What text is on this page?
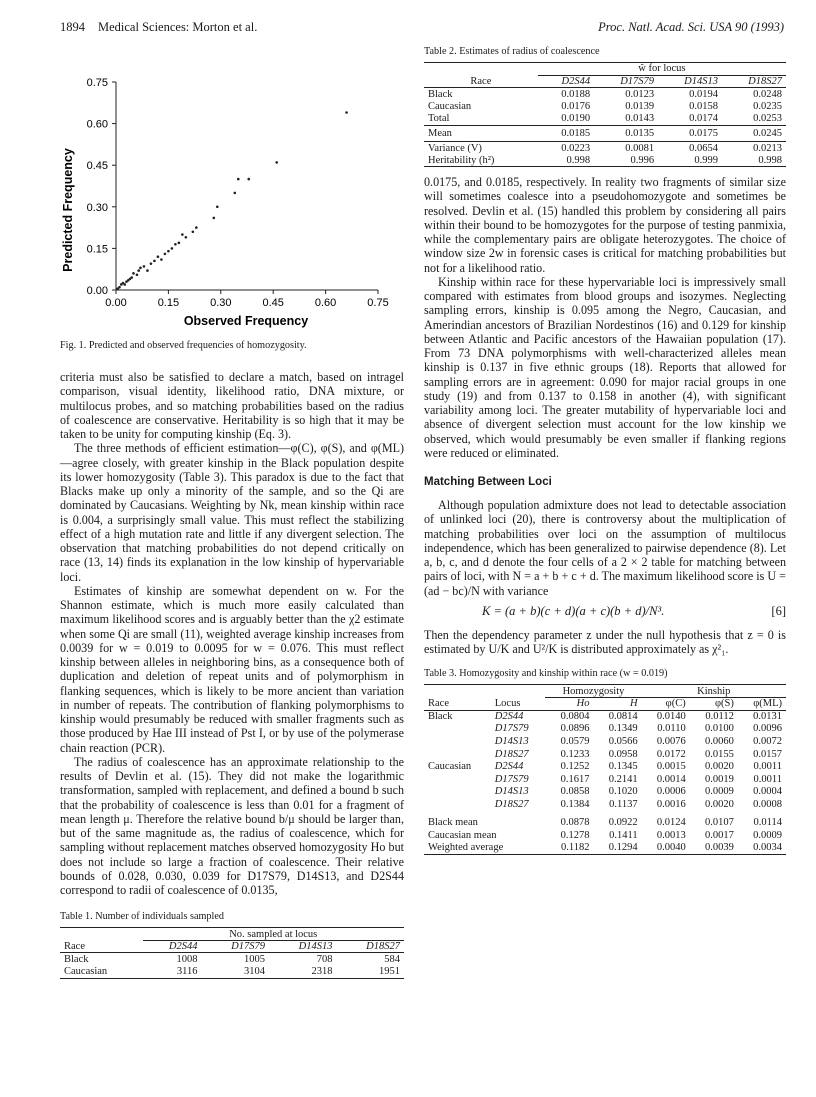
1894 Medical Sciences: Morton et al.	Proc. Natl. Acad. Sci. USA 90 (1993)
0.00	0.15	0.30	0.45	0.60	0.75
0.00
0.15
0.30
0.45
0.60
0.75
Predicted Frequency
Observed Frequency
Fig. 1. Predicted and observed frequencies of homozygosity.

criteria must also be satisfied to declare a match, based on intragel comparison, visual identity, likelihood ratio, DNA mixture, or multilocus probes, and so matching probabilities based on the radius of coalescence are conservative. Heritability is so high that it may be taken to be unity for computing kinship (Eq. 3).

The three methods of efficient estimation—φ(C), φ(S), and φ(ML)—agree closely, with greater kinship in the Black population despite its lower homozygosity (Table 3). This paradox is due to the fact that Blacks make up only a minority of the sample, and so the Qi are dominated by Caucasians. Weighting by Nk, mean kinship within race is 0.004, a surprisingly small value. This must reflect the stabilizing effect of a high mutation rate and little if any divergent selection. The observation that matching probabilities do not depend critically on race (13, 14) finds its explanation in the low kinship of hypervariable loci.

Estimates of kinship are somewhat dependent on w. For the Shannon estimate, which is much more easily calculated than maximum likelihood scores and is arguably better than the χ2 estimate when some Qi are small (11), weighted average kinship increases from 0.0039 for w = 0.019 to 0.0095 for w = 0.076. This must reflect kinship between alleles in neighboring bins, as a consequence both of duplication and deletion of repeat units and of polymorphism in flanking sequences, which is likely to be more ancient than variation in number of repeats. The contribution of flanking polymorphisms to kinship would presumably be reduced with smaller fragments such as those produced by Hae III instead of Pst I, or by use of the polymerase chain reaction (PCR).

The radius of coalescence has an approximate relationship to the results of Devlin et al. (15). They did not make the logarithmic transformation, sampled with replacement, and defined a bound b such that the probability of coalescence is less than 0.01 for a fragment of mean length μ. Therefore the relative bound b/μ should be larger than, but of the same magnitude as, the radius of coalescence, which for sampling without replacement matches observed homozygosity Ho but does not include so large a fraction of coalescence. Their relative bounds of 0.028, 0.030, 0.039 for D17S79, D14S13, and D2S44 correspond to radii of coalescence of 0.0135,

Table 1. Number of individuals sampled
	No. sampled at locus			
Race	D2S44	D17S79	D14S13	D18S27
Black	1008	1005	708	584
Caucasian	3116	3104	2318	1951
Table 2. Estimates of radius of coalescence
	ŵ for locus			
Race	D2S44	D17S79	D14S13	D18S27
Black	0.0188	0.0123	0.0194	0.0248
Caucasian	0.0176	0.0139	0.0158	0.0235
Total	0.0190	0.0143	0.0174	0.0253
Mean	0.0185	0.0135	0.0175	0.0245
Variance (V)	0.0223	0.0081	0.0654	0.0213
Heritability (h²)	0.998	0.996	0.999	0.998

0.0175, and 0.0185, respectively. In reality two fragments of similar size will sometimes coalesce into a pseudohomozygote and sometimes be resolved. Devlin et al. (15) handled this problem by considering all pairs within their bound to be homozygotes for the purpose of testing panmixia, while the complementary pairs are obligate heterozygotes. The choice of window size 2w in forensic cases is critical for matching probabilities but not for a likelihood ratio.

Kinship within race for these hypervariable loci is impressively small compared with estimates from blood groups and isozymes. Neglecting sampling errors, kinship is 0.095 among the Negro, Caucasian, and Amerindian ancestors of Brazilian Nordestinos (16) and 0.129 for kinship between Atlantic and Pacific ancestors of the Hawaiian population (17). From 73 DNA polymorphisms with well-characterized alleles mean kinship is 0.137 in five ethnic groups (18). Reports that allowed for sampling errors are in agreement: 0.090 for major racial groups in one study (19) and from 0.137 to 0.158 in another (4), with significant variability among loci. The greater mutability of hypervariable loci and absence of divergent selection must account for the low kinship we observed, which would presumably be even smaller if flanking regions were reduced or eliminated.

Matching Between Loci

Although population admixture does not lead to detectable association of unlinked loci (20), there is controversy about the multiplication of matching probabilities over loci on the assumption of multilocus independence, which has been generalized to pairwise dependence (8). Let a, b, c, and d denote the four cells of a 2 × 2 table for matching between pairs of loci, with N = a + b + c + d. The maximum likelihood score is U = (ad − bc)/N with variance

K = (a + b)(c + d)(a + c)(b + d)/N³.	[6]

Then the dependency parameter z under the null hypothesis that z = 0 is estimated by U/K and U²/K is distributed approximately as χ²₁.

Table 3. Homozygosity and kinship within race (w = 0.019)
		Homozygosity		Kinship		
Race	Locus	Ho	H	φ(C)	φ(S)	φ(ML)
Black	D2S44	0.0804	0.0814	0.0140	0.0112	0.0131
	D17S79	0.0896	0.1349	0.0110	0.0100	0.0096
	D14S13	0.0579	0.0566	0.0076	0.0060	0.0072
	D18S27	0.1233	0.0958	0.0172	0.0155	0.0157
Caucasian	D2S44	0.1252	0.1345	0.0015	0.0020	0.0011
	D17S79	0.1617	0.2141	0.0014	0.0019	0.0011
	D14S13	0.0858	0.1020	0.0006	0.0009	0.0004
	D18S27	0.1384	0.1137	0.0016	0.0020	0.0008
Black mean		0.0878	0.0922	0.0124	0.0107	0.0114
Caucasian mean		0.1278	0.1411	0.0013	0.0017	0.0009
Weighted average		0.1182	0.1294	0.0040	0.0039	0.0034
